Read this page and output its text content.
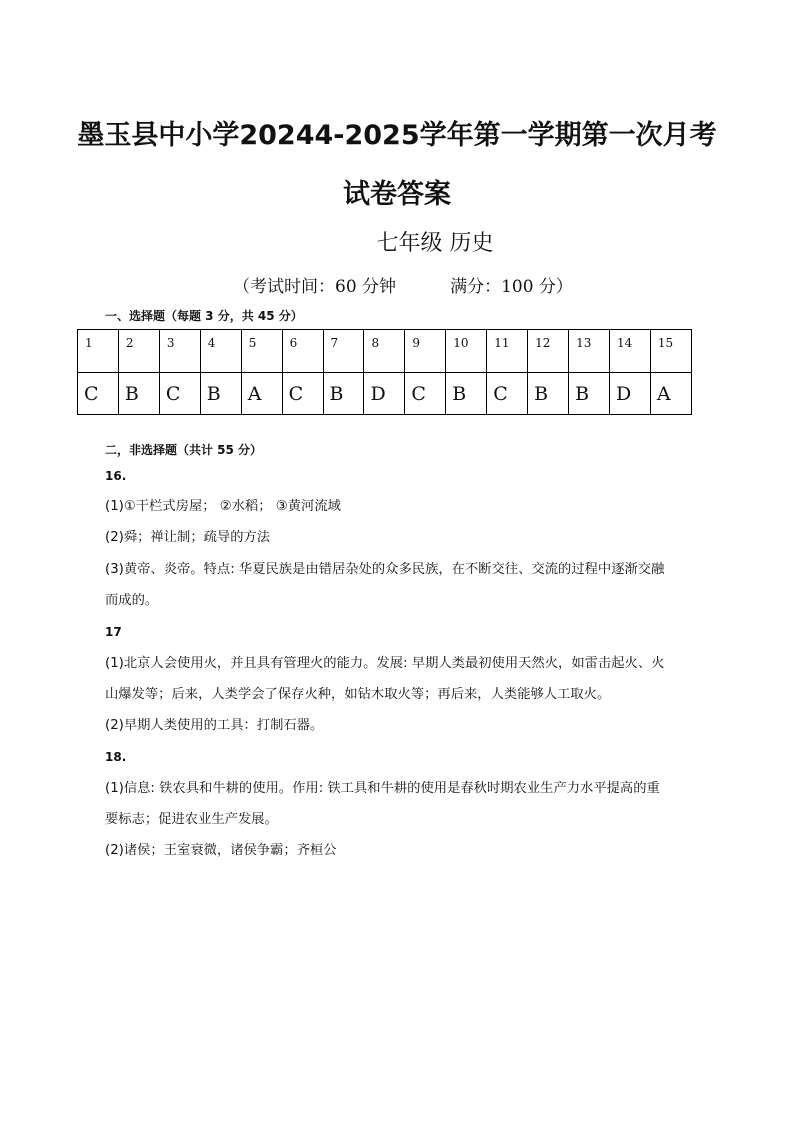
墨玉县中小学20244-2025学年第一学期第一次月考
试卷答案
七年级 历史
（考试时间：60 分钟          满分：100 分）
一、选择题（每题 3 分，共 45 分）
1	2	3	4	5	6	7	8	9	10	11	12	13	14	15
C	B	C	B	A	C	B	D	C	B	C	B	B	D	A
二，非选择题（共计 55 分）
16.
(1)①干栏式房屋； ②水稻； ③黄河流域
(2)舜；禅让制；疏导的方法
(3)黄帝、炎帝。特点: 华夏民族是由错居杂处的众多民族，在不断交往、交流的过程中逐渐交融
而成的。
17
(1)北京人会使用火，并且具有管理火的能力。发展: 早期人类最初使用天然火，如雷击起火、火
山爆发等；后来，人类学会了保存火种，如钻木取火等；再后来，人类能够人工取火。
(2)早期人类使用的工具：打制石器。
18.
(1)信息: 铁农具和牛耕的使用。作用: 铁工具和牛耕的使用是春秋时期农业生产力水平提高的重
要标志；促进农业生产发展。
(2)诸侯；王室衰微，诸侯争霸；齐桓公
